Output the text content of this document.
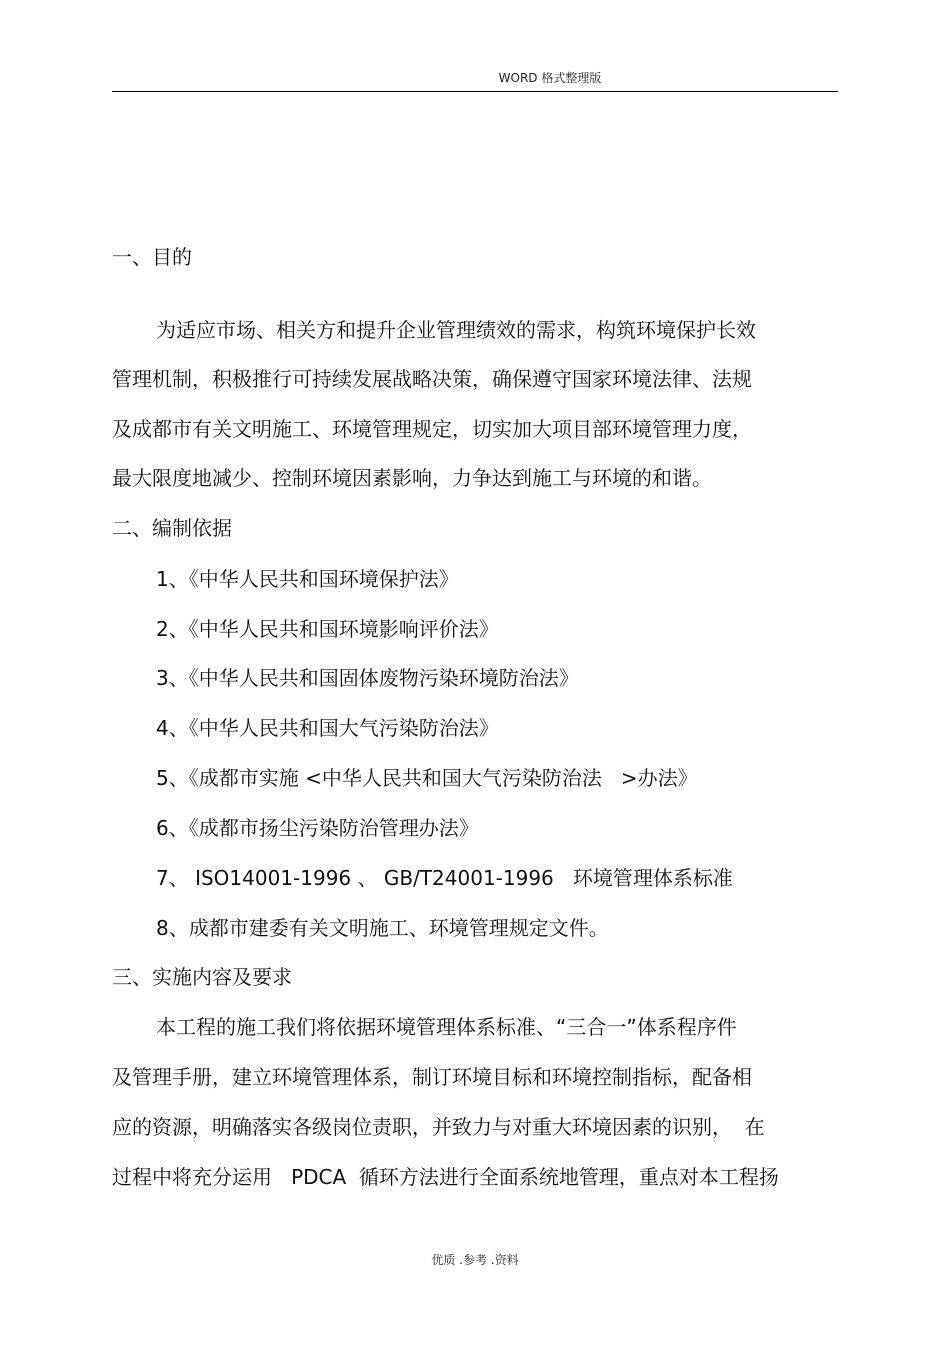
WORD 格式整理版
一、目的
为适应市场、相关方和提升企业管理绩效的需求，构筑环境保护长效
管理机制，积极推行可持续发展战略决策，确保遵守国家环境法律、法规
及成都市有关文明施工、环境管理规定，切实加大项目部环境管理力度，
最大限度地减少、控制环境因素影响，力争达到施工与环境的和谐。
二、编制依据
1、《中华人民共和国环境保护法》
2、《中华人民共和国环境影响评价法》
3、《中华人民共和国固体废物污染环境防治法》
4、《中华人民共和国大气污染防治法》
5、《成都市实施 <中华人民共和国大气污染防治法   >办法》
6、《成都市扬尘污染防治管理办法》
7、 ISO14001-1996 、 GB/T24001-1996   环境管理体系标准
8、成都市建委有关文明施工、环境管理规定文件。
三、实施内容及要求
本工程的施工我们将依据环境管理体系标准、“三合一”体系程序件
及管理手册，建立环境管理体系，制订环境目标和环境控制指标，配备相
应的资源，明确落实各级岗位责职，并致力与对重大环境因素的识别，  在
过程中将充分运用   PDCA  循环方法进行全面系统地管理，重点对本工程扬
优质 .参考 .资料
